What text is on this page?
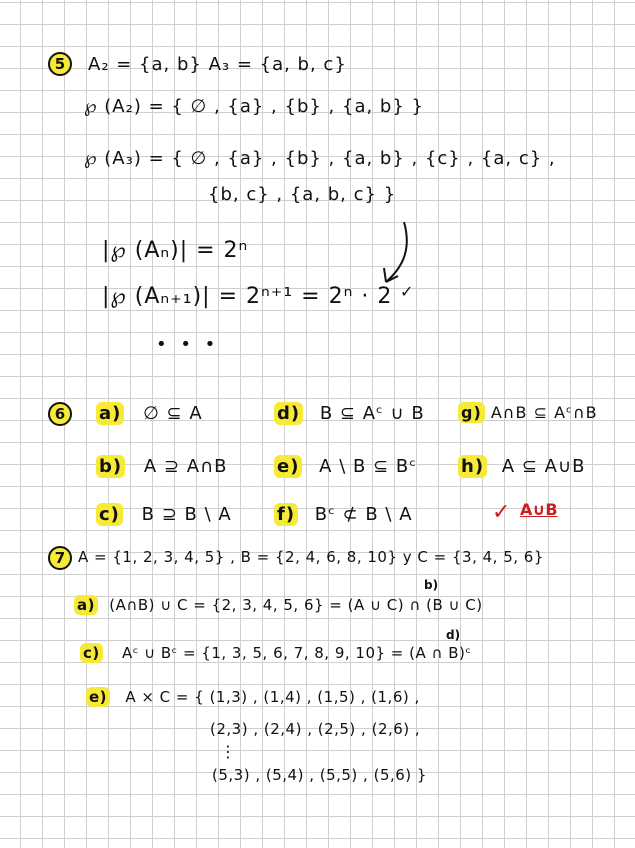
5 A₂ = {a, b} A₃ = {a, b, c}
℘ (A₂) = { ∅ , {a} , {b} , {a, b} }
℘ (A₃) = { ∅ , {a} , {b} , {a, b} , {c} , {a, c} ,
{b, c} , {a, b, c} }
|℘ (Aₙ)| = 2ⁿ
|℘ (Aₙ₊₁)| = 2ⁿ⁺¹ = 2ⁿ · 2 ✓
• • •
6 a) ∅ ⊆ A	d) B ⊆ Aᶜ ∪ B g) A∩B ⊆ Aᶜ∩B
b) A ⊇ A∩B	e) A \ B ⊆ Bᶜ h) A ⊆ A∪B
c) B ⊇ B \ A	f) Bᶜ ⊄ B \ A	✓ A∪B
7 A = {1, 2, 3, 4, 5} , B = {2, 4, 6, 8, 10} y C = {3, 4, 5, 6}
b)
a) (A∩B) ∪ C = {2, 3, 4, 5, 6} = (A ∪ C) ∩ (B ∪ C)
d)
c) Aᶜ ∪ Bᶜ = {1, 3, 5, 6, 7, 8, 9, 10} = (A ∩ B)ᶜ
e) A × C = { (1,3) , (1,4) , (1,5) , (1,6) ,
(2,3) , (2,4) , (2,5) , (2,6) ,
⋮
(5,3) , (5,4) , (5,5) , (5,6) }
